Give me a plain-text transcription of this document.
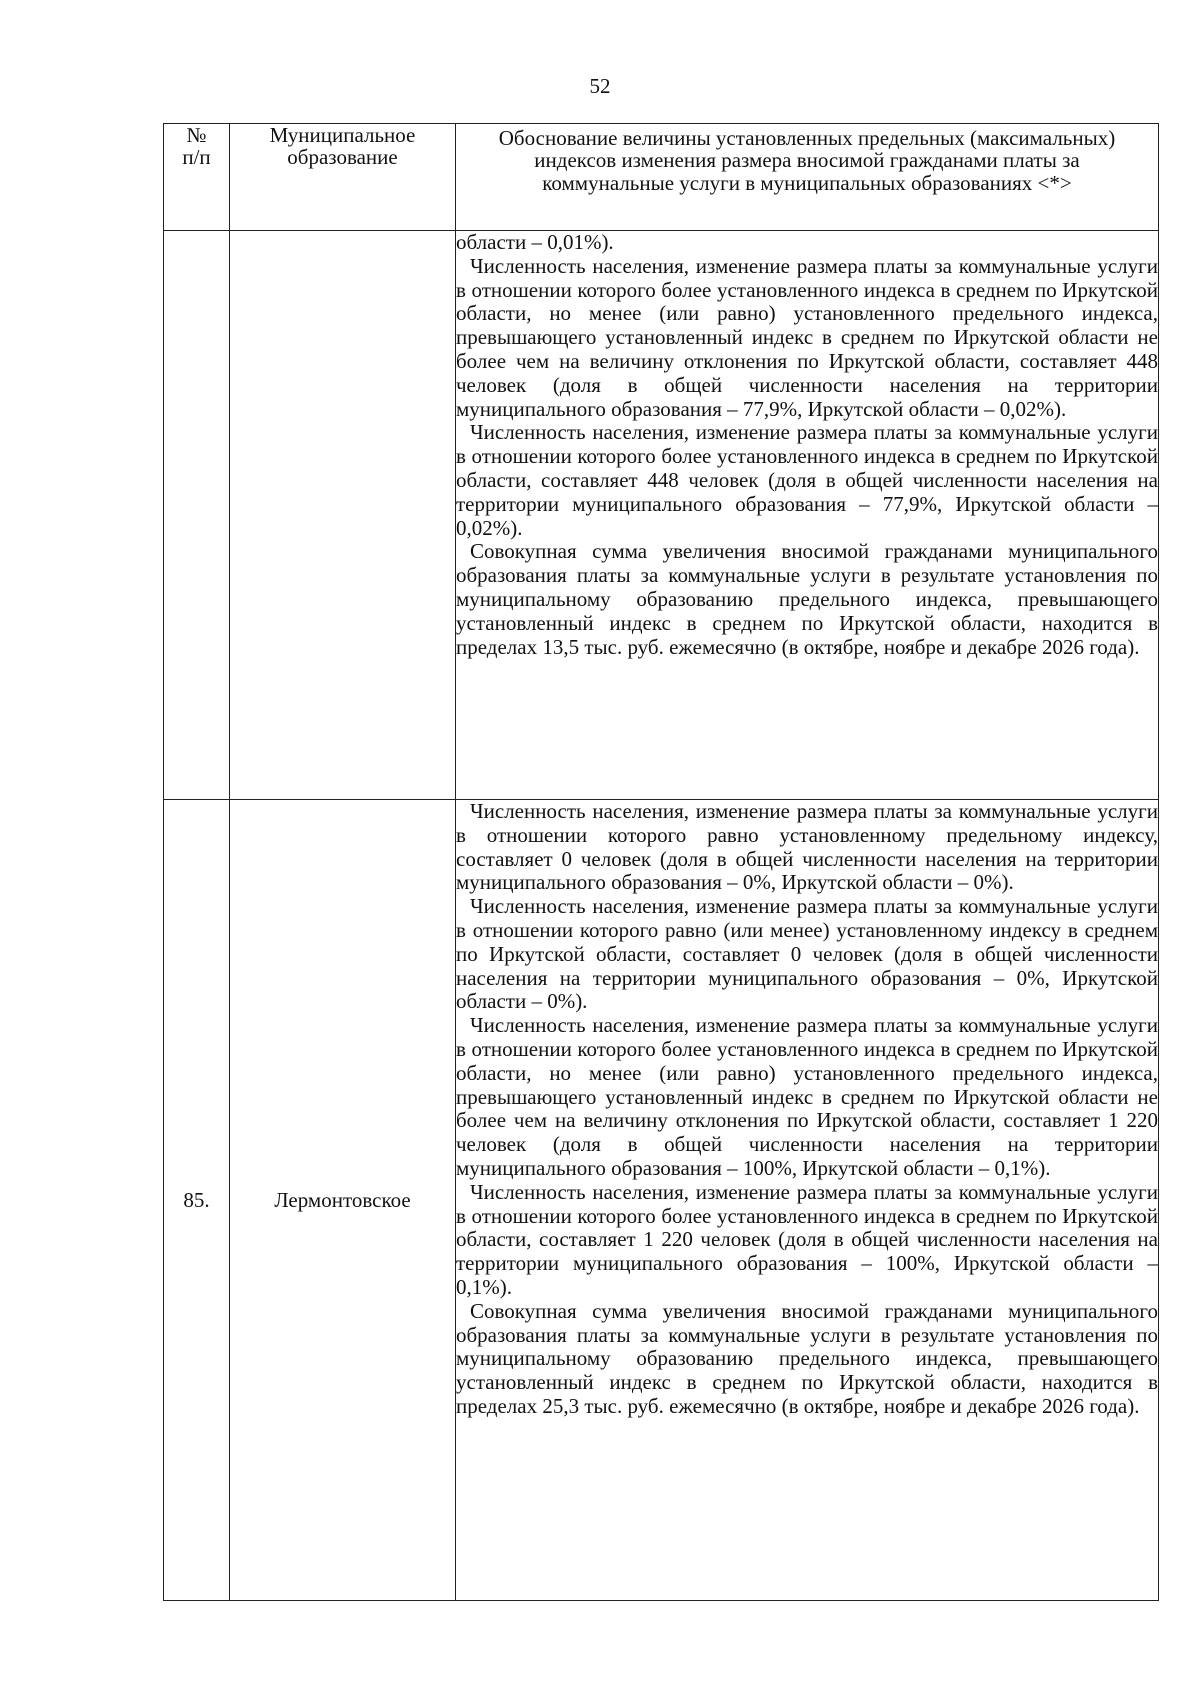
52
№ п/п	Муниципальное образование	Обоснование величины установленных предельных (максимальных) индексов изменения размера вносимой гражданами платы за коммунальные услуги в муниципальных образованиях <*>

		области – 0,01%).

Численность населения, изменение размера платы за коммунальные услуги в отношении которого более установленного индекса в среднем по Иркутской области, но менее (или равно) установленного предельного индекса, превышающего установленный индекс в среднем по Иркутской области не более чем на величину отклонения по Иркутской области, составляет 448 человек (доля в общей численности населения на территории муниципального образования – 77,9%, Иркутской области – 0,02%).

Численность населения, изменение размера платы за коммунальные услуги в отношении которого более установленного индекса в среднем по Иркутской области, составляет 448 человек (доля в общей численности населения на территории муниципального образования – 77,9%, Иркутской области – 0,02%).

Совокупная сумма увеличения вносимой гражданами муниципального образования платы за коммунальные услуги в результате установления по муниципальному образованию предельного индекса, превышающего установленный индекс в среднем по Иркутской области, находится в пределах 13,5 тыс. руб. ежемесячно (в октябре, ноябре и декабре 2026 года).

85.	Лермонтовское	Численность населения, изменение размера платы за коммунальные услуги в отношении которого равно установленному предельному индексу, составляет 0 человек (доля в общей численности населения на территории муниципального образования – 0%, Иркутской области – 0%).

Численность населения, изменение размера платы за коммунальные услуги в отношении которого равно (или менее) установленному индексу в среднем по Иркутской области, составляет 0 человек (доля в общей численности населения на территории муниципального образования – 0%, Иркутской области – 0%).

Численность населения, изменение размера платы за коммунальные услуги в отношении которого более установленного индекса в среднем по Иркутской области, но менее (или равно) установленного предельного индекса, превышающего установленный индекс в среднем по Иркутской области не более чем на величину отклонения по Иркутской области, составляет 1 220 человек (доля в общей численности населения на территории муниципального образования – 100%, Иркутской области – 0,1%).

Численность населения, изменение размера платы за коммунальные услуги в отношении которого более установленного индекса в среднем по Иркутской области, составляет 1 220 человек (доля в общей численности населения на территории муниципального образования – 100%, Иркутской области – 0,1%).

Совокупная сумма увеличения вносимой гражданами муниципального образования платы за коммунальные услуги в результате установления по муниципальному образованию предельного индекса, превышающего установленный индекс в среднем по Иркутской области, находится в пределах 25,3 тыс. руб. ежемесячно (в октябре, ноябре и декабре 2026 года).
